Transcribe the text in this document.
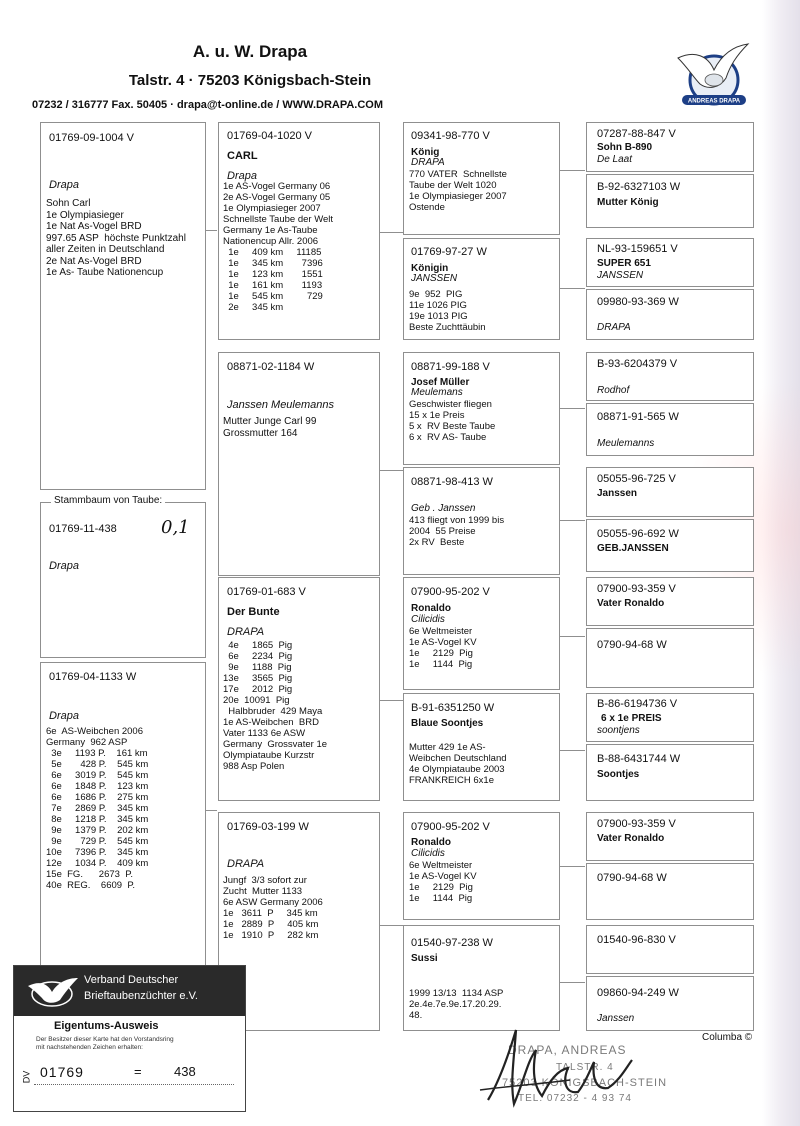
A. u. W. Drapa
Talstr. 4 · 75203 Königsbach-Stein
07232 / 316777 Fax. 50405 · drapa@t-online.de / WWW.DRAPA.COM	ANDREAS DRAPA
01769-09-1004 V
Drapa
Sohn Carl
1e Olympiasieger
1e Nat As-Vogel BRD
997.65 ASP  höchste Punktzahl
aller Zeiten in Deutschland
2e Nat As-Vogel BRD
1e As- Taube Nationencup
Stammbaum von Taube:
01769-11-438 0,1
Drapa
01769-04-1133 W
Drapa
6e  AS-Weibchen 2006
Germany  962 ASP
3e     1193 P.    161 km
5e       428 P.    545 km
6e     3019 P.    545 km
6e     1848 P.    123 km
6e     1686 P.    275 km
7e     2869 P.    345 km
8e     1218 P.    345 km
9e     1379 P.    202 km
9e       729 P.    545 km
10e     7396 P.    345 km
12e     1034 P.    409 km
15e  FG.      2673  P.
40e  REG.    6609  P.
01769-04-1020 V
CARL
Drapa
1e AS-Vogel Germany 06
2e AS-Vogel Germany 05
1e Olympiasieger 2007
Schnellste Taube der Welt
Germany 1e As-Taube
Nationencup Allr. 2006
1e     409 km     11185
1e     345 km       7396
1e     123 km       1551
1e     161 km       1193
1e     545 km         729
2e     345 km
08871-02-1184 W
Janssen Meulemanns
Mutter Junge Carl 99
Grossmutter 164
01769-01-683 V
Der Bunte
DRAPA
4e     1865  Pig
6e     2234  Pig
9e     1188  Pig
13e     3565  Pig
17e     2012  Pig
20e  10091  Pig
Halbbruder  429 Maya
1e AS-Weibchen  BRD
Vater 1133 6e ASW
Germany  Grossvater 1e
Olympiataube Kurzstr
988 Asp Polen
01769-03-199 W
DRAPA
Jungf  3/3 sofort zur
Zucht  Mutter 1133
6e ASW Germany 2006
1e   3611  P     345 km
1e   2889  P     405 km
1e   1910  P     282 km
09341-98-770 V
König
DRAPA
770 VATER  Schnellste
Taube der Welt 1020
1e Olympiasieger 2007
Ostende
01769-97-27 W
Königin
JANSSEN
9e  952  PIG
11e 1026 PIG
19e 1013 PIG
Beste Zuchttäubin
08871-99-188 V
Josef Müller
Meulemans
Geschwister fliegen
15 x 1e Preis
5 x  RV Beste Taube
6 x  RV AS- Taube
08871-98-413 W
Geb . Janssen
413 fliegt von 1999 bis
2004  55 Preise
2x RV  Beste
07900-95-202 V
Ronaldo
Cilicidis
6e Weltmeister
1e AS-Vogel KV
1e     2129  Pig
1e     1144  Pig
B-91-6351250 W
Blaue Soontjes
Mutter 429 1e AS-
Weibchen Deutschland
4e Olympiataube 2003
FRANKREICH 6x1e
07900-95-202 V
Ronaldo
Cilicidis
6e Weltmeister
1e AS-Vogel KV
1e     2129  Pig
1e     1144  Pig
01540-97-238 W
Sussi
1999 13/13  1134 ASP
2e.4e.7e.9e.17.20.29.
48.
07287-88-847 V
Sohn B-890
De Laat
B-92-6327103 W
Mutter König
NL-93-159651 V
SUPER 651
JANSSEN
09980-93-369 W
DRAPA
B-93-6204379 V
Rodhof
08871-91-565 W
Meulemanns
05055-96-725 V
Janssen
05055-96-692 W
GEB.JANSSEN
07900-93-359 V
Vater Ronaldo
0790-94-68 W
B-86-6194736 V
6 x 1e PREIS
soontjens
B-88-6431744 W
Soontjes
07900-93-359 V
Vater Ronaldo
0790-94-68 W
01540-96-830 V
09860-94-249 W
Janssen
Verband Deutscher
Brieftaubenzüchter e.V.
Eigentums-Ausweis
Der Besitzer dieser Karte hat den Vorstandsring
mit nachstehenden Zeichen erhalten:
DV 01769	= 438
DRAPA, ANDREAS
TALSTR. 4
75203 KÖNIGSBACH-STEIN
TEL. 07232 - 4 93 74
Columba ©
